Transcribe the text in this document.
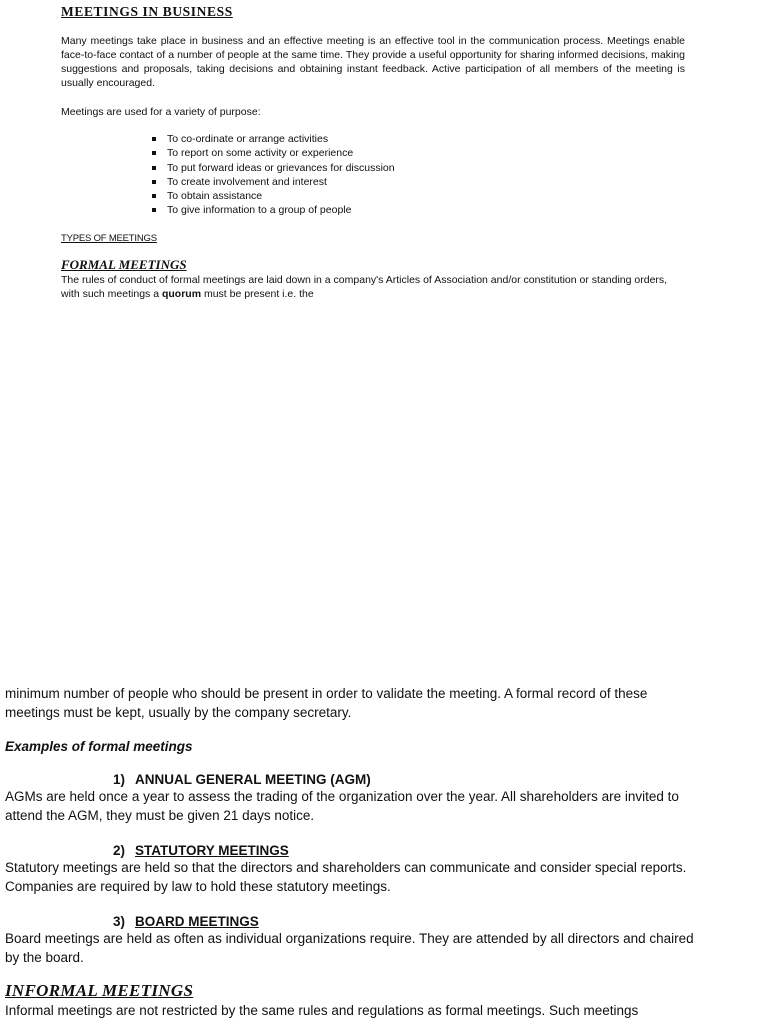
MEETINGS IN BUSINESS

Many meetings take place in business and an effective meeting is an effective tool in the communication process. Meetings enable face-to-face contact of a number of people at the same time. They provide a useful opportunity for sharing informed decisions, making suggestions and proposals, taking decisions and obtaining instant feedback. Active participation of all members of the meeting is usually encouraged.

Meetings are used for a variety of purpose:

To co-ordinate or arrange activities
To report on some activity or experience
To put forward ideas or grievances for discussion
To create involvement and interest
To obtain assistance
To give information to a group of people

TYPES OF MEETINGS

FORMAL MEETINGS

The rules of conduct of formal meetings are laid down in a company's Articles of Association and/or constitution or standing orders, with such meetings a quorum must be present i.e. the

minimum number of people who should be present in order to validate the meeting. A formal record of these meetings must be kept, usually by the company secretary.

Examples of formal meetings

1) ANNUAL GENERAL MEETING (AGM)

AGMs are held once a year to assess the trading of the organization over the year. All shareholders are invited to attend the AGM, they must be given 21 days notice.

2) STATUTORY MEETINGS

Statutory meetings are held so that the directors and shareholders can communicate and consider special reports. Companies are required by law to hold these statutory meetings.

3) BOARD MEETINGS

Board meetings are held as often as individual organizations require. They are attended by all directors and chaired by the board.

INFORMAL MEETINGS

Informal meetings are not restricted by the same rules and regulations as formal meetings. Such meetings
